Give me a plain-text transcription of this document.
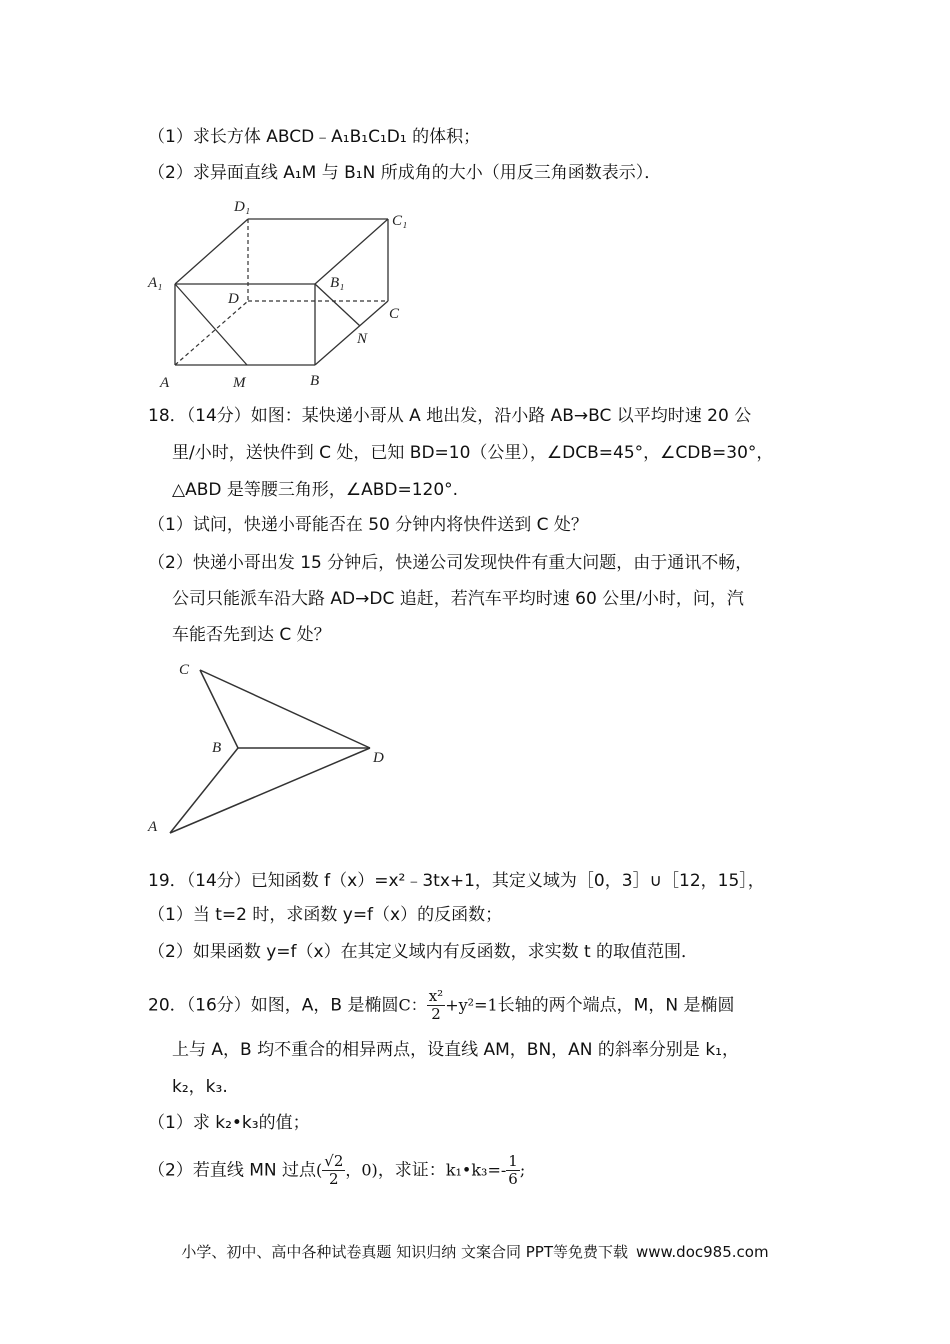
（1）求长方体 ABCD﹣A₁B₁C₁D₁ 的体积；
（2）求异面直线 A₁M 与 B₁N 所成角的大小（用反三角函数表示）．
D₁
C₁
A₁
D
B₁
C
N
A	M	B
18．（14分）如图：某快递小哥从 A 地出发，沿小路 AB→BC 以平均时速 20 公
里/小时，送快件到 C 处，已知 BD=10（公里），∠DCB=45°，∠CDB=30°，
△ABD 是等腰三角形，∠ABD=120°.
（1）试问，快递小哥能否在 50 分钟内将快件送到 C 处？
（2）快递小哥出发 15 分钟后，快递公司发现快件有重大问题，由于通讯不畅，
公司只能派车沿大路 AD→DC 追赶，若汽车平均时速 60 公里/小时，问，汽
车能否先到达 C 处？
C
B
D
A
19．（14分）已知函数 f（x）=x²﹣3tx+1，其定义域为［0，3］∪［12，15］，
（1）当 t=2 时，求函数 y=f（x）的反函数；
（2）如果函数 y=f（x）在其定义域内有反函数，求实数 t 的取值范围．
20．（16分）如图，A，B 是椭圆C： $\frac{\text{x²}}{2} +y^2=1$长轴的两个端点，M，N 是椭圆
上与 A，B 均不重合的相异两点，设直线 AM，BN，AN 的斜率分别是 k₁，
k₂，k₃.
（1）求 k₂•k₃的值；
（2）若直线 MN 过点( $\frac{√2}{2}$ ，0)，求证：k₁•k₃=- $\frac{1}{6}$ ;
小学、初中、高中各种试卷真题 知识归纳 文案合同 PPT等免费下载 www.doc985.com
